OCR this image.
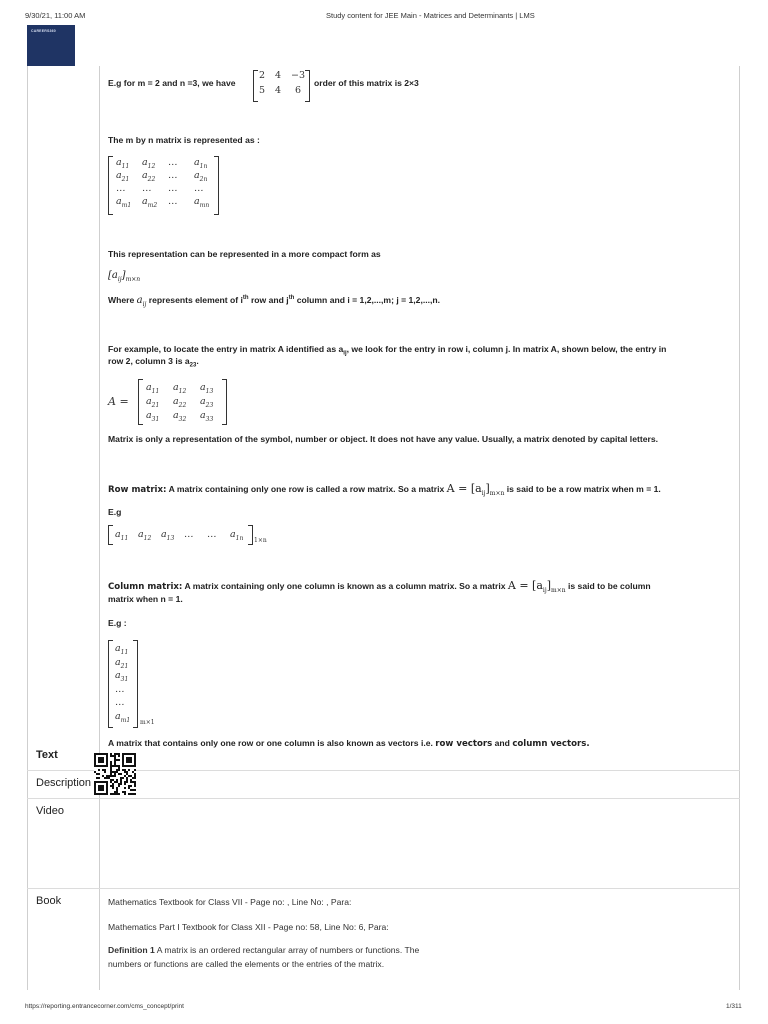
9/30/21, 11:00 AM	Study content for JEE Main - Matrices and Determinants | LMS
CAREERS360
Text
Description
Video
Book
E.g for m = 2 and n =3, we have
2 4 −3
5 4 6
order of this matrix is 2×3
The m by n matrix is represented as :
$a_{11}$ $a_{12}$ … $a_{1n}$
$a_{21}$ $a_{22}$ … $a_{2n}$
… … … …
$a_{m1}$ $a_{m2}$ … $a_{mn}$
This representation can be represented in a more compact form as
$[a_{ij}]_{m\times n}$
Where $a_{ij}$ represents element of $i^{th}$ row and $j^{th}$ column and i = 1,2,...,m; j = 1,2,...,n.
For example, to locate the entry in matrix A identified as $a_{ij}$, we look for the entry in row i, column j. In matrix A, shown below, the entry in
row 2, column 3 is $a_{23}$.
A =
$a_{11}$ $a_{12}$ $a_{13}$
$a_{21}$ $a_{22}$ $a_{23}$
$a_{31}$ $a_{32}$ $a_{33}$
Matrix is only a representation of the symbol, number or object. It does not have any value. Usually, a matrix denoted by capital letters.
Row matrix: A matrix containing only one row is called a row matrix. So a matrix $A = [a_{ij}]_{m\times n}$ is said to be a row matrix when m = 1.
E.g
$a_{11}$ $a_{12}$ $a_{13}$ … … $a_{1n}$ 1×n
Column matrix: A matrix containing only one column is known as a column matrix. So a matrix $A = [a_{ij}]_{m\times n}$ is said to be column
matrix when n = 1.
E.g :
$a_{11}$
$a_{21}$
$a_{31}$
…
…
$a_{m1}$ m×1
A matrix that contains only one row or one column is also known as vectors i.e. row vectors and column vectors.
Mathematics Textbook for Class VII - Page no: , Line No: , Para:
Mathematics Part I Textbook for Class XII - Page no: 58, Line No: 6, Para:
Definition 1 A matrix is an ordered rectangular array of numbers or functions. The
numbers or functions are called the elements or the entries of the matrix.
https://reporting.entrancecorner.com/cms_concept/print	1/311
